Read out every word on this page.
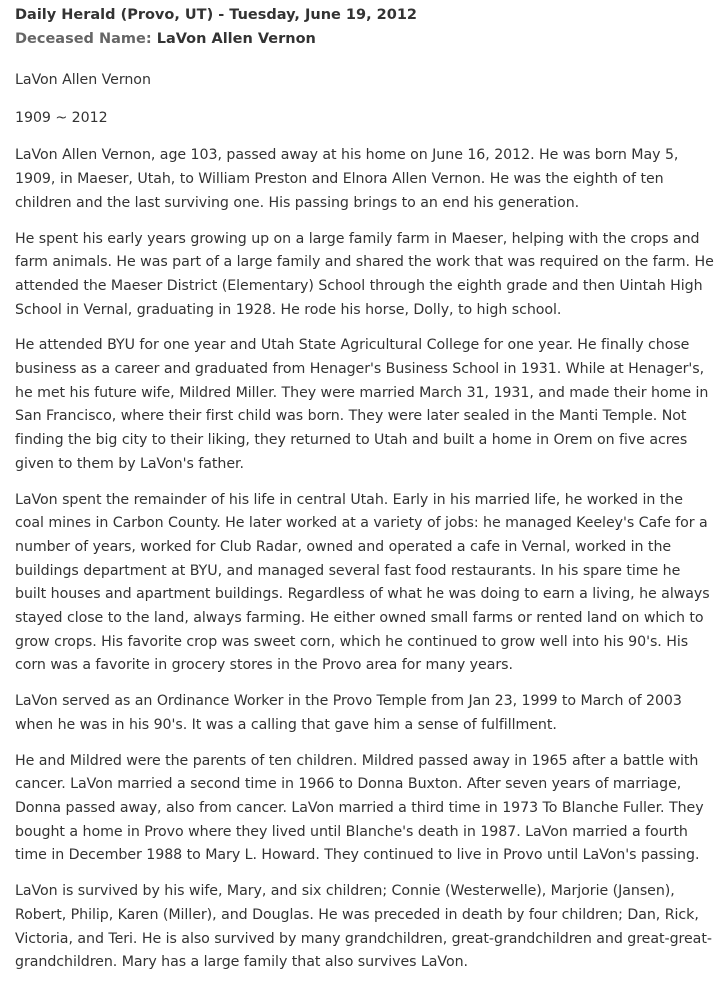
Daily Herald (Provo, UT) - Tuesday, June 19, 2012
Deceased Name: LaVon Allen Vernon

LaVon Allen Vernon

1909 ~ 2012

LaVon Allen Vernon, age 103, passed away at his home on June 16, 2012. He was born May 5, 1909, in Maeser, Utah, to William Preston and Elnora Allen Vernon. He was the eighth of ten children and the last surviving one. His passing brings to an end his generation.

He spent his early years growing up on a large family farm in Maeser, helping with the crops and farm animals. He was part of a large family and shared the work that was required on the farm. He attended the Maeser District (Elementary) School through the eighth grade and then Uintah High School in Vernal, graduating in 1928. He rode his horse, Dolly, to high school.

He attended BYU for one year and Utah State Agricultural College for one year. He finally chose business as a career and graduated from Henager's Business School in 1931. While at Henager's, he met his future wife, Mildred Miller. They were married March 31, 1931, and made their home in San Francisco, where their first child was born. They were later sealed in the Manti Temple. Not finding the big city to their liking, they returned to Utah and built a home in Orem on five acres given to them by LaVon's father.

LaVon spent the remainder of his life in central Utah. Early in his married life, he worked in the coal mines in Carbon County. He later worked at a variety of jobs: he managed Keeley's Cafe for a number of years, worked for Club Radar, owned and operated a cafe in Vernal, worked in the buildings department at BYU, and managed several fast food restaurants. In his spare time he built houses and apartment buildings. Regardless of what he was doing to earn a living, he always stayed close to the land, always farming. He either owned small farms or rented land on which to grow crops. His favorite crop was sweet corn, which he continued to grow well into his 90's. His corn was a favorite in grocery stores in the Provo area for many years.

LaVon served as an Ordinance Worker in the Provo Temple from Jan 23, 1999 to March of 2003 when he was in his 90's. It was a calling that gave him a sense of fulfillment.

He and Mildred were the parents of ten children. Mildred passed away in 1965 after a battle with cancer. LaVon married a second time in 1966 to Donna Buxton. After seven years of marriage, Donna passed away, also from cancer. LaVon married a third time in 1973 To Blanche Fuller. They bought a home in Provo where they lived until Blanche's death in 1987. LaVon married a fourth time in December 1988 to Mary L. Howard. They continued to live in Provo until LaVon's passing.

LaVon is survived by his wife, Mary, and six children; Connie (Westerwelle), Marjorie (Jansen), Robert, Philip, Karen (Miller), and Douglas. He was preceded in death by four children; Dan, Rick, Victoria, and Teri. He is also survived by many grandchildren, great-grandchildren and great-great-grandchildren. Mary has a large family that also survives LaVon.
